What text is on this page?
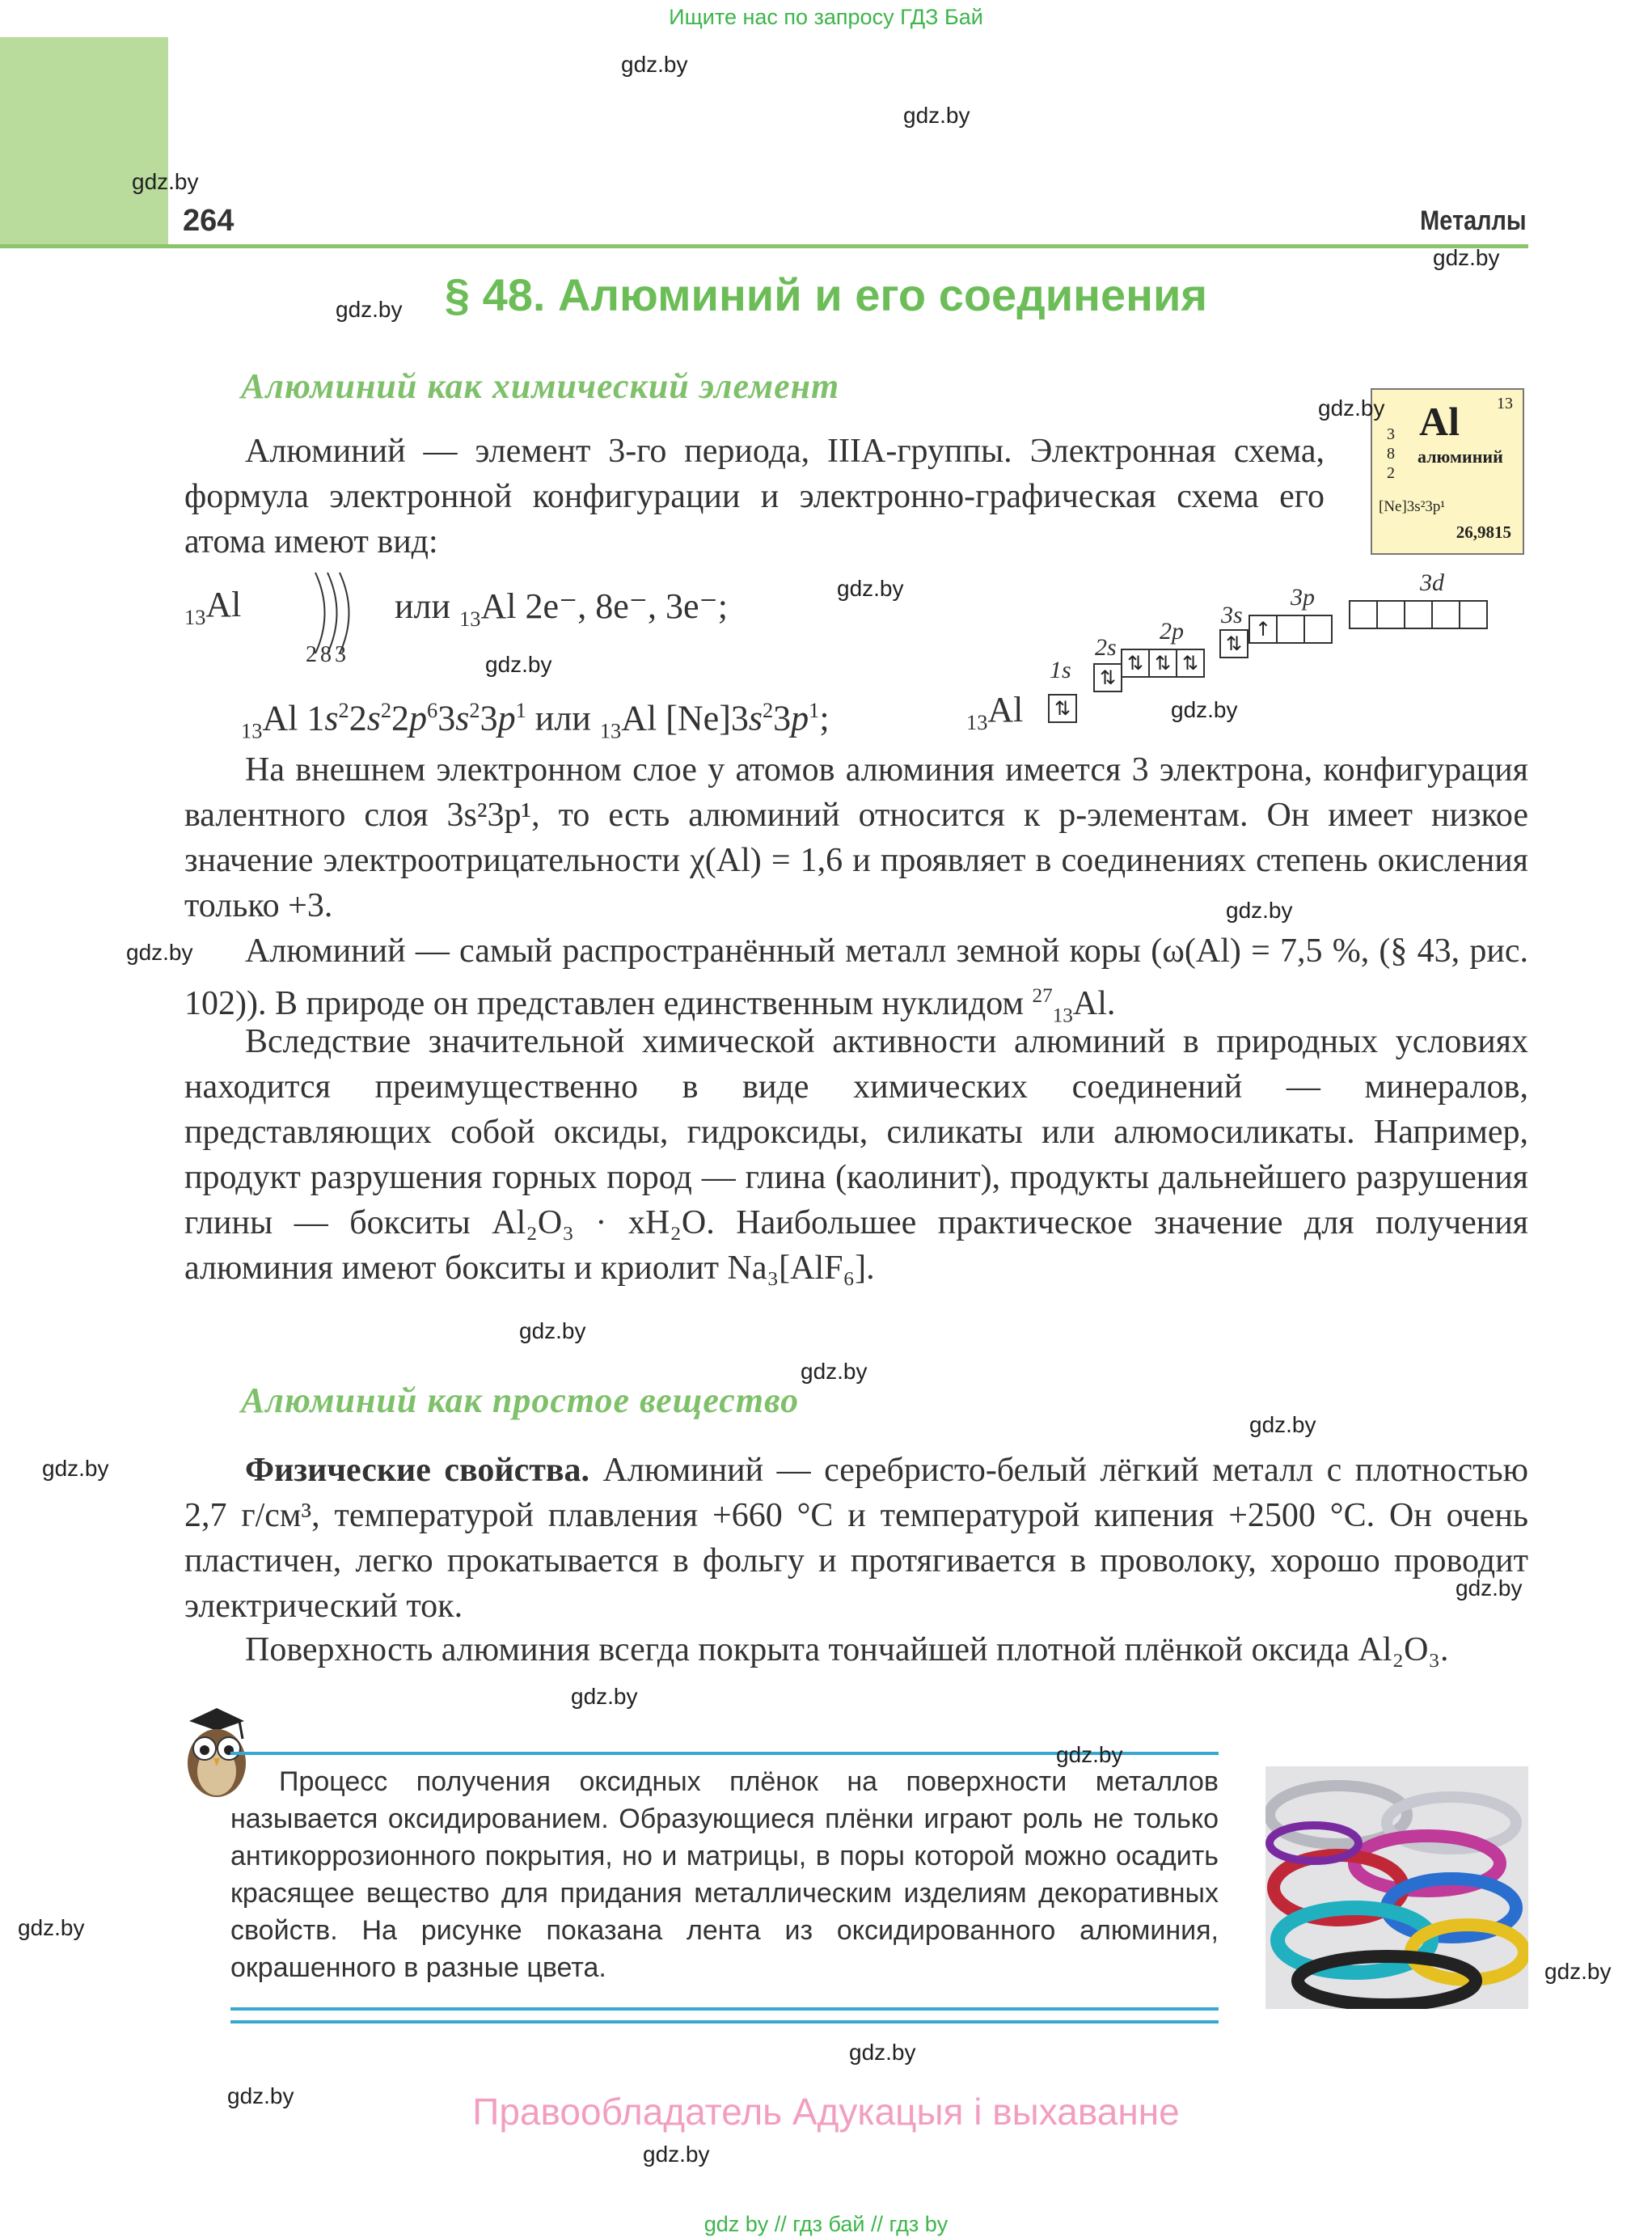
Ищите нас по запросу ГДЗ Бай
264	Металлы
§ 48. Алюминий и его соединения
Алюминий как химический элемент	13
Al
3
8
2
алюминий
[Ne]3s²3p¹
26,9815

Алюминий — элемент 3-го периода, IIIA-группы. Электронная схема, формула электронной конфигурации и электронно-графическая схема его атома имеют вид:

$_{13}$Al
283
или $_{13}$Al 2e⁻, 8e⁻, 3e⁻;
$_{13}$Al $1s^22s^22p^63s^23p^1$ или $_{13}$Al $[Ne]3s^23p^1$;	$_{13}$Al
1s
⇅
2s
⇅
2p
⇅ ⇅ ⇅
3s
⇅
3p
↑
3d

На внешнем электронном слое у атомов алюминия имеется 3 электрона, конфигурация валентного слоя 3s²3p¹, то есть алюминий относится к p-элементам. Он имеет низкое значение электроотрицательности χ(Al) = 1,6 и проявляет в соединениях степень окисления только +3.

Алюминий — самый распространённый металл земной коры (ω(Al) = 7,5 %, (§ 43, рис. 102)). В природе он представлен единственным нуклидом $^{27}_{13}$Al.

Вследствие значительной химической активности алюминий в природных условиях находится преимущественно в виде химических соединений — минералов, представляющих собой оксиды, гидроксиды, силикаты или алюмосиликаты. Например, продукт разрушения горных пород — глина (каолинит), продукты дальнейшего разрушения глины — бокситы Al₂O₃ · xH₂O. Наибольшее практическое значение для получения алюминия имеют бокситы и криолит Na₃[AlF₆].

Алюминий как простое вещество

Физические свойства. Алюминий — серебристо-белый лёгкий металл с плотностью 2,7 г/см³, температурой плавления +660 °C и температурой кипения +2500 °C. Он очень пластичен, легко прокатывается в фольгу и протягивается в проволоку, хорошо проводит электрический ток.

Поверхность алюминия всегда покрыта тончайшей плотной плёнкой оксида Al₂O₃.

Процесс получения оксидных плёнок на поверхности металлов называется оксидированием. Образующиеся плёнки играют роль не только антикоррозионного покрытия, но и матрицы, в поры которой можно осадить красящее вещество для придания металлическим изделиям декоративных свойств. На рисунке показана лента из оксидированного алюминия, окрашенного в разные цвета.

Правообладатель Адукацыя і выхаванне
gdz by // гдз бай // гдз by
gdz.by
gdz.by
gdz.by
gdz.by
gdz.by
gdz.by
gdz.by
gdz.by
gdz.by
gdz.by
gdz.by
gdz.by
gdz.by
gdz.by
gdz.by
gdz.by
gdz.by
gdz.by
gdz.by
gdz.by
gdz.by
gdz.by
gdz.by
